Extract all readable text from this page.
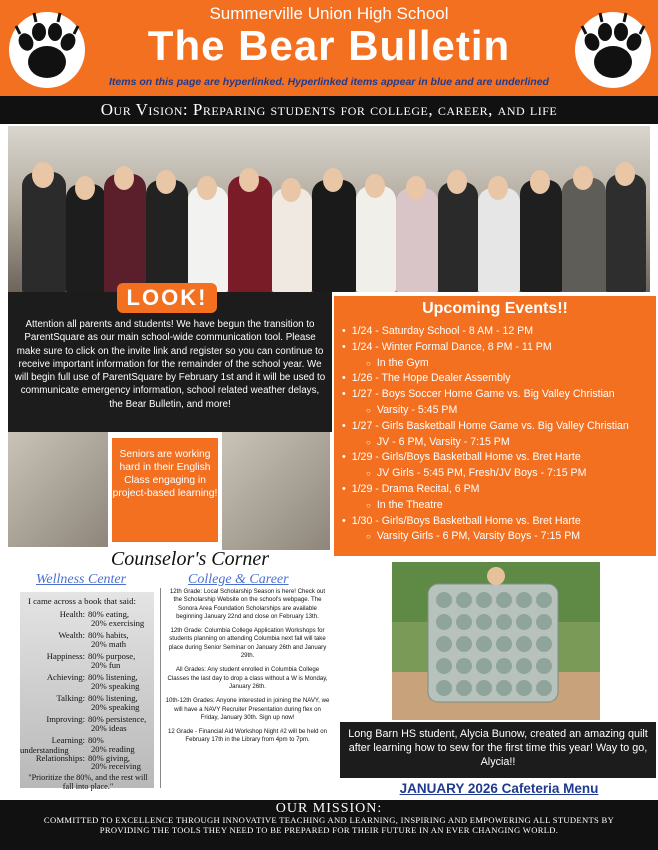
Summerville Union High School
The Bear Bulletin
Items on this page are hyperlinked. Hyperlinked items appear in blue and are underlined
Our Vision: Preparing students for college, career, and life
LOOK!
Attention all parents and students! We have begun the transition to ParentSquare as our main school-wide communication tool. Please make sure to click on the invite link and register so you can continue to receive important information for the remainder of the school year. We will begin full use of ParentSquare by February 1st and it will be used to communicate emergency information, school related weather delays, the Bear Bulletin, and more!
Upcoming Events!!
• 1/24 - Saturday School - 8 AM - 12 PM
• 1/24 - Winter Formal Dance, 8 PM - 11 PM
○ In the Gym
• 1/26 - The Hope Dealer Assembly
• 1/27 - Boys Soccer Home Game vs. Big Valley Christian
○ Varsity - 5:45 PM
• 1/27 - Girls Basketball Home Game vs. Big Valley Christian
○ JV - 6 PM, Varsity - 7:15 PM
• 1/29 - Girls/Boys Basketball Home vs. Bret Harte
○ JV Girls - 5:45 PM, Fresh/JV Boys - 7:15 PM
• 1/29 - Drama Recital, 6 PM
○ In the Theatre
• 1/30 - Girls/Boys Basketball Home vs. Bret Harte
○ Varsity Girls - 6 PM, Varsity Boys - 7:15 PM
Seniors are working hard in their English Class engaging in project-based learning!
Counselor's Corner
Wellness Center	College & Career
I came across a book that said:
Health: 80% eating,
20% exercising
Wealth: 80% habits,
20% math
Happiness: 80% purpose,
20% fun
Achieving: 80% listening,
20% speaking
Talking: 80% listening,
20% speaking
Improving: 80% persistence,
20% ideas
Learning: 80% understanding	20% reading
Relationships: 80% giving,
20% receiving
"Prioritize the 80%, and the rest will fall into place."

12th Grade: Local Scholarship Season is here! Check out the Scholarship Website on the school's webpage. The Sonora Area Foundation Scholarships are available beginning January 22nd and close on February 13th.

12th Grade: Columbia College Application Workshops for students planning on attending Columbia next fall will take place during Senior Seminar on January 26th and January 29th.

All Grades: Any student enrolled in Columbia College Classes the last day to drop a class without a W is Monday, January 26th.

10th-12th Grades: Anyone interested in joining the NAVY, we will have a NAVY Recruiter Presentation during flex on Friday, January 30th. Sign up now!

12 Grade - Financial Aid Workshop Night #2 will be held on February 17th in the Library from 4pm to 7pm.	Long Barn HS student, Alycia Bunow, created an amazing quilt after learning how to sew for the first time this year! Way to go, Alycia!!
JANUARY 2026 Cafeteria Menu
OUR MISSION:
COMMITTED TO EXCELLENCE THROUGH INNOVATIVE TEACHING AND LEARNING, INSPIRING AND EMPOWERING ALL STUDENTS BY PROVIDING THE TOOLS THEY NEED TO BE PREPARED FOR THEIR FUTURE IN AN EVER CHANGING WORLD.
